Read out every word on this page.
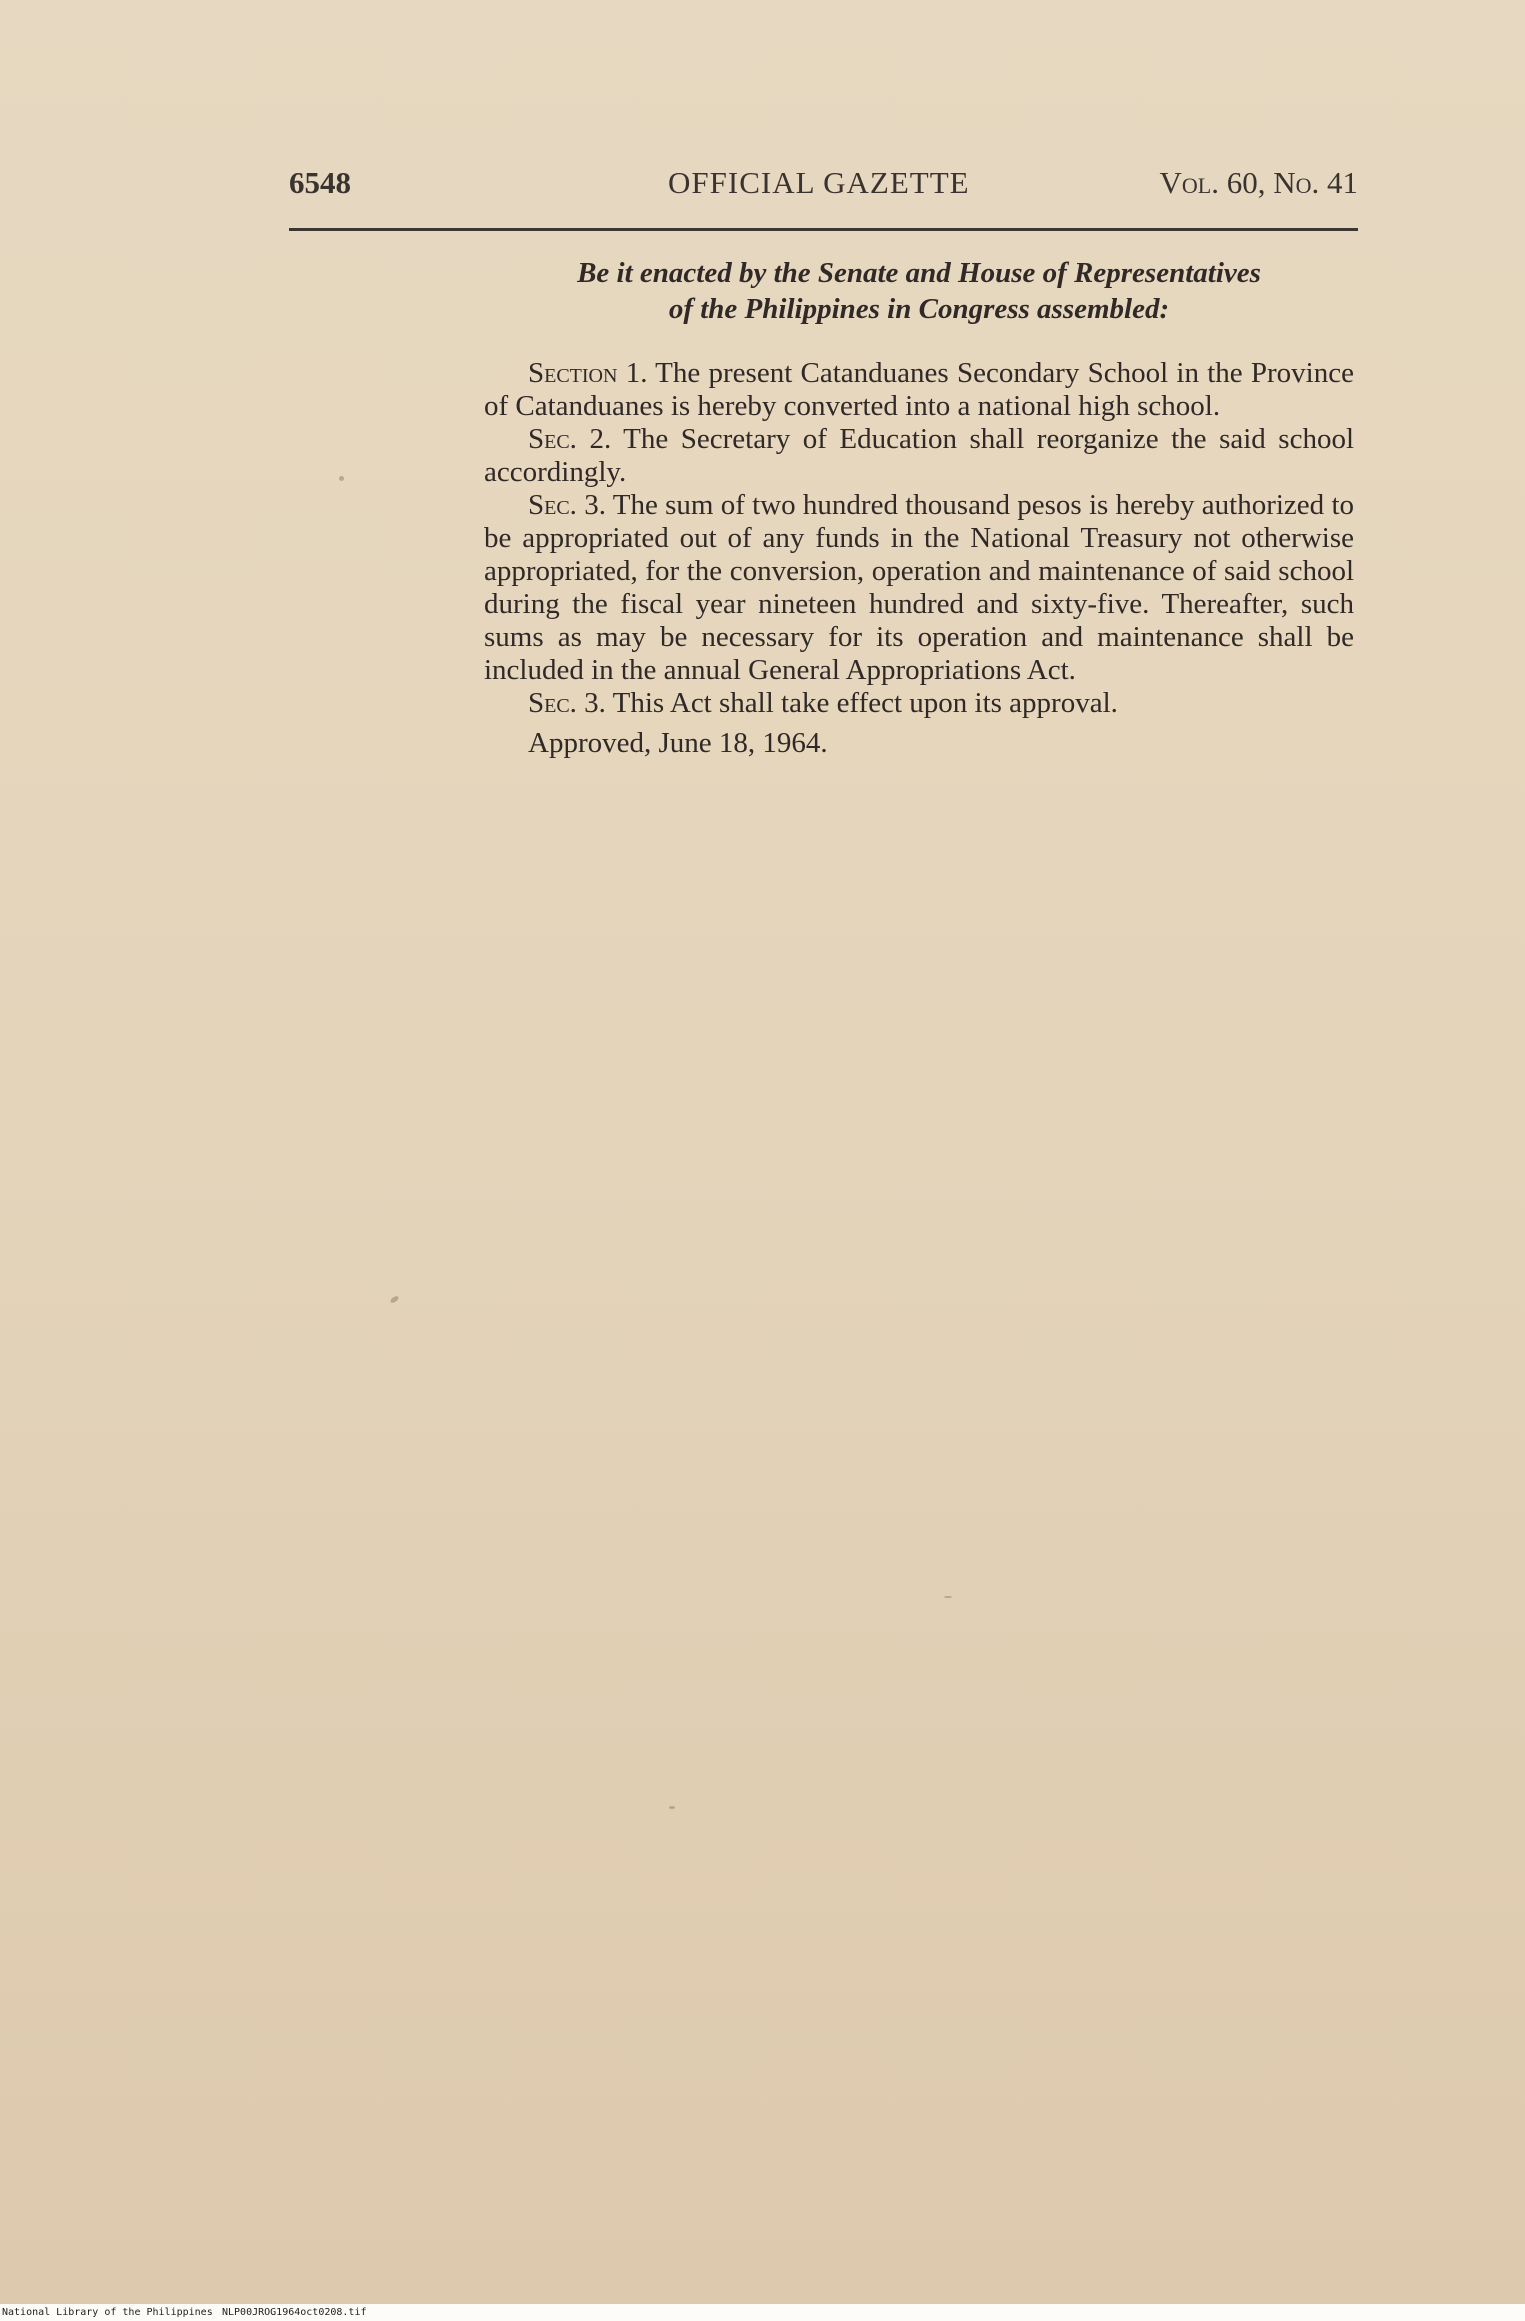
6548	OFFICIAL GAZETTE	Vol. 60, No. 41

Be it enacted by the Senate and House of Representatives
of the Philippines in Congress assembled:

Section 1. The present Catanduanes Secondary School in the Province of Catanduanes is hereby converted into a national high school.

Sec. 2. The Secretary of Education shall reorganize the said school accordingly.

Sec. 3. The sum of two hundred thousand pesos is hereby authorized to be appropriated out of any funds in the National Treasury not otherwise appropriated, for the conversion, operation and maintenance of said school during the fiscal year nineteen hundred and sixty-five. Thereafter, such sums as may be necessary for its operation and maintenance shall be included in the annual General Appropriations Act.

Sec. 3. This Act shall take effect upon its approval.

Approved, June 18, 1964.

National Library of the Philippines NLP00JROG1964oct0208.tif
